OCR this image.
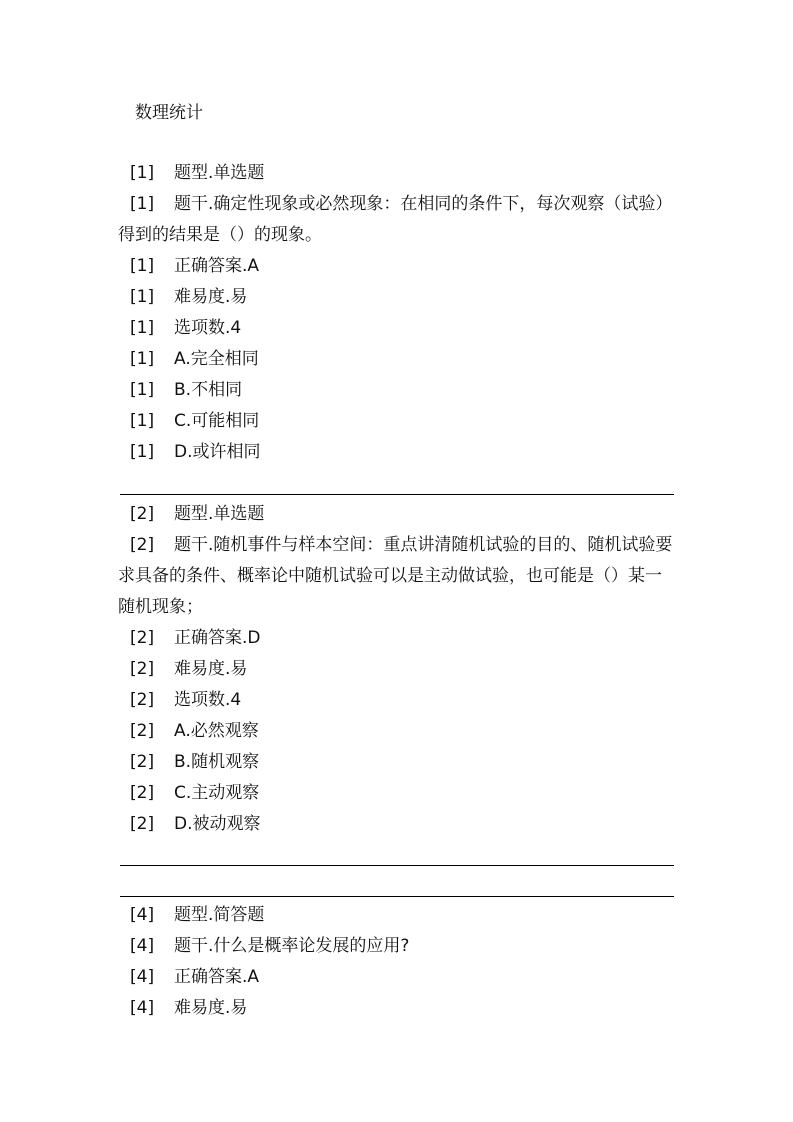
数理统计

[1] 题型.单选题

[1] 题干.确定性现象或必然现象：在相同的条件下，每次观察（试验）得到的结果是（）的现象。

[1] 正确答案.A

[1] 难易度.易

[1] 选项数.4

[1] A.完全相同

[1] B.不相同

[1] C.可能相同

[1] D.或许相同

[2] 题型.单选题

[2] 题干.随机事件与样本空间：重点讲清随机试验的目的、随机试验要求具备的条件、概率论中随机试验可以是主动做试验，也可能是（）某一随机现象；

[2] 正确答案.D

[2] 难易度.易

[2] 选项数.4

[2] A.必然观察

[2] B.随机观察

[2] C.主动观察

[2] D.被动观察

[4] 题型.简答题

[4] 题干.什么是概率论发展的应用?

[4] 正确答案.A

[4] 难易度.易
